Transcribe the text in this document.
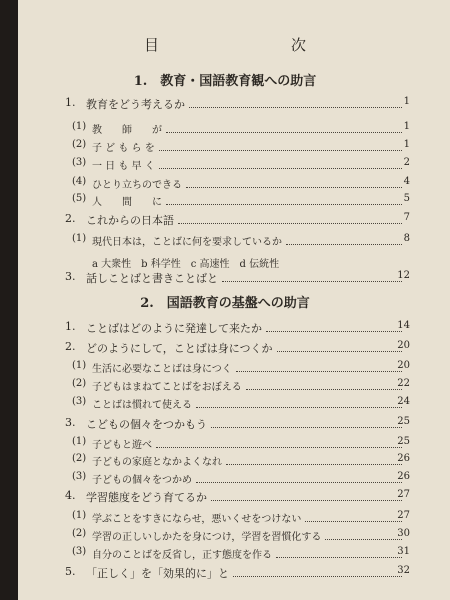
目　　次
1.　教育・国語教育観への助言
1. 教育をどう考えるか	1
(1) 教　　師　　が	1
(2) 子 ど も ら を	1
(3) 一 日 も 早 く	2
(4) ひとり立ちのできる	4
(5) 人　　間　　に	5
2. これからの日本語	7
(1) 現代日本は，ことばに何を要求しているか	8
a 大衆性　b 科学性　c 高速性　d 伝統性
3. 話しことばと書きことばと	12
2.　国語教育の基盤への助言
1. ことばはどのように発達して来たか	14
2. どのようにして，ことばは身につくか	20
(1) 生活に必要なことばは身につく	20
(2) 子どもはまねてことばをおぼえる	22
(3) ことばは慣れて使える	24
3. こどもの個々をつかもう	25
(1) 子どもと遊べ	25
(2) 子どもの家庭となかよくなれ	26
(3) 子どもの個々をつかめ	26
4. 学習態度をどう育てるか	27
(1) 学ぶことをすきにならせ，悪いくせをつけない	27
(2) 学習の正しいしかたを身につけ，学習を習慣化する	30
(3) 自分のことばを反省し，正す態度を作る	31
5. 「正しく」を「効果的に」と	32
